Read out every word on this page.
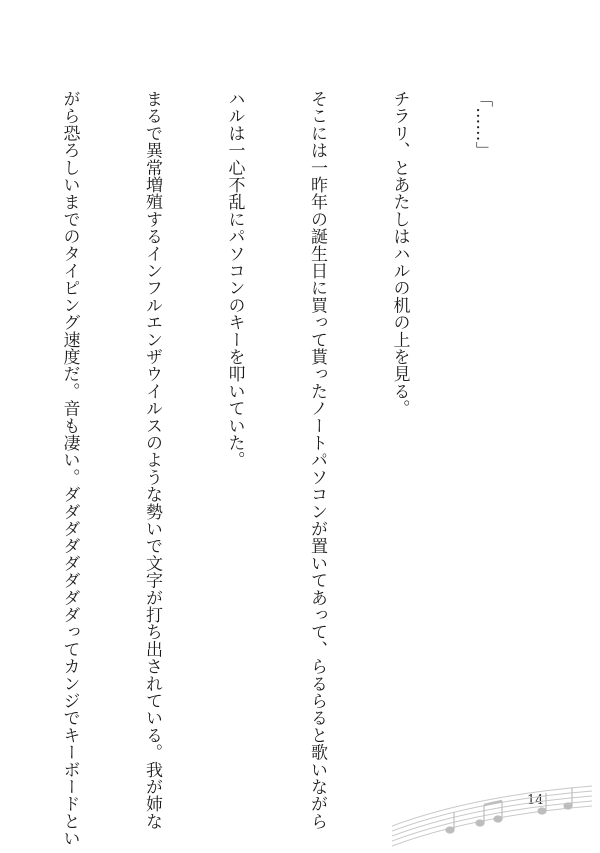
「……」

チラリ、とあたしはハルの机の上を見る。

そこには一昨年の誕生日に買って貰ったノートパソコンが置いてあって、らるらると歌いながら

ハルは一心不乱にパソコンのキーを叩いていた。

まるで異常増殖するインフルエンザウイルスのような勢いで文字が打ち出されている。我が姉な

がら恐ろしいまでのタイピング速度だ。音も凄い。ダダダダダダダダってカンジでキーボードとい

	14
